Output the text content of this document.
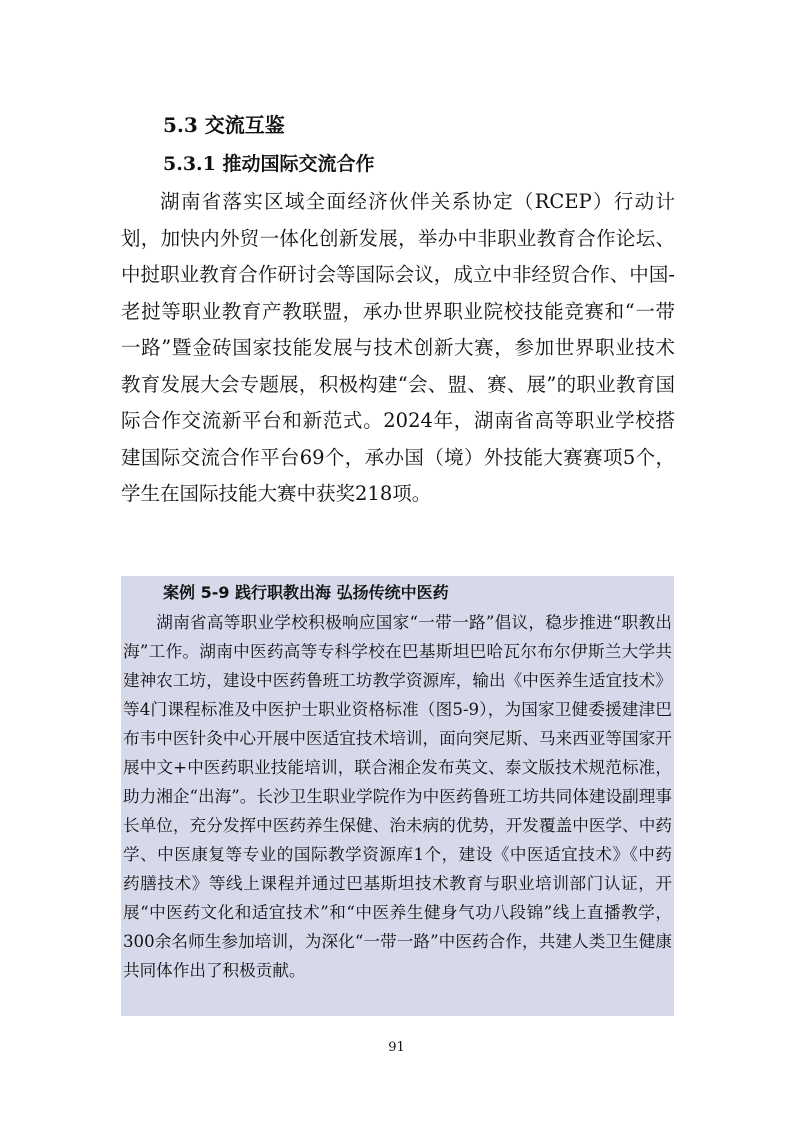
5.3 交流互鉴
5.3.1 推动国际交流合作

湖南省落实区域全面经济伙伴关系协定（RCEP）行动计划，加快内外贸一体化创新发展，举办中非职业教育合作论坛、中挝职业教育合作研讨会等国际会议，成立中非经贸合作、中国-老挝等职业教育产教联盟，承办世界职业院校技能竞赛和“一带一路”暨金砖国家技能发展与技术创新大赛，参加世界职业技术教育发展大会专题展，积极构建“会、盟、赛、展”的职业教育国际合作交流新平台和新范式。2024年，湖南省高等职业学校搭建国际交流合作平台69个，承办国（境）外技能大赛赛项5个，学生在国际技能大赛中获奖218项。

案例 5-9 践行职教出海 弘扬传统中医药

湖南省高等职业学校积极响应国家“一带一路”倡议，稳步推进“职教出海”工作。湖南中医药高等专科学校在巴基斯坦巴哈瓦尔布尔伊斯兰大学共建神农工坊，建设中医药鲁班工坊教学资源库，输出《中医养生适宜技术》等4门课程标准及中医护士职业资格标准（图5-9），为国家卫健委援建津巴布韦中医针灸中心开展中医适宜技术培训，面向突尼斯、马来西亚等国家开展中文+中医药职业技能培训，联合湘企发布英文、泰文版技术规范标准，助力湘企“出海”。长沙卫生职业学院作为中医药鲁班工坊共同体建设副理事长单位，充分发挥中医药养生保健、治未病的优势，开发覆盖中医学、中药学、中医康复等专业的国际教学资源库1个，建设《中医适宜技术》《中药药膳技术》等线上课程并通过巴基斯坦技术教育与职业培训部门认证，开展“中医药文化和适宜技术”和“中医养生健身气功八段锦”线上直播教学，300余名师生参加培训，为深化“一带一路”中医药合作，共建人类卫生健康共同体作出了积极贡献。

91
